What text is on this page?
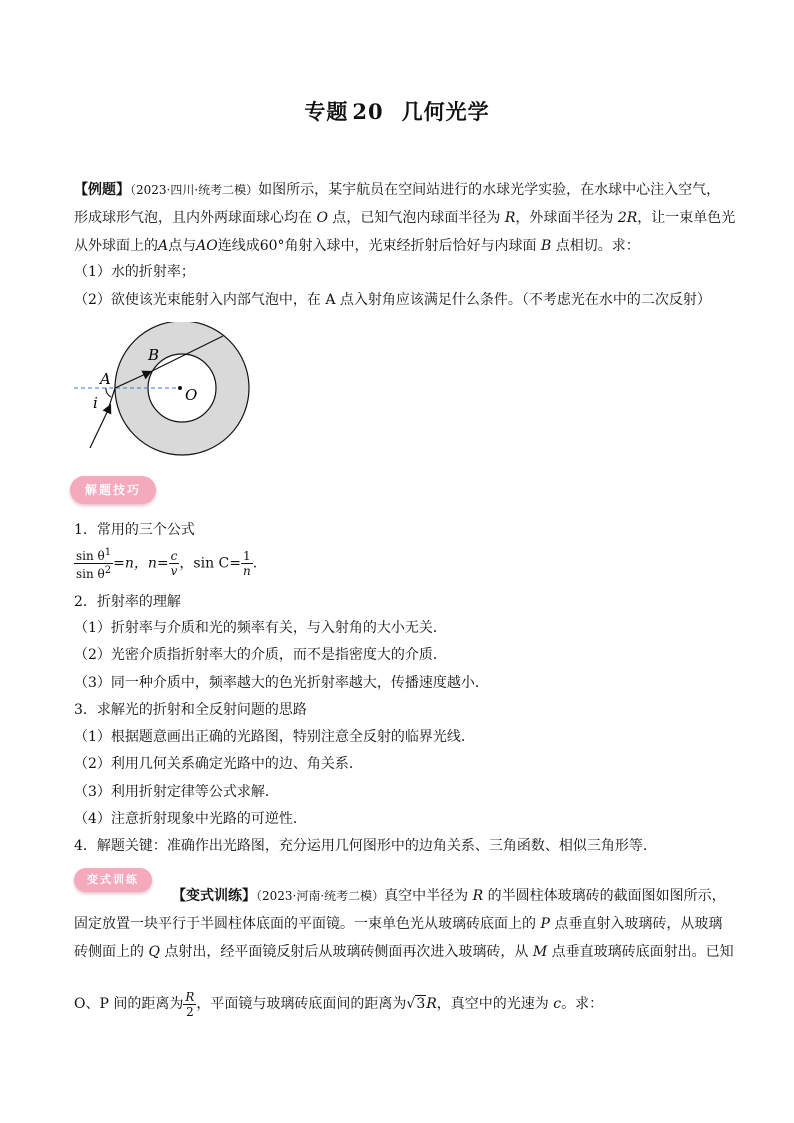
专题 20 几何光学
【例题】（2023·四川·统考二模）如图所示，某宇航员在空间站进行的水球光学实验，在水球中心注入空气，
形成球形气泡，且内外两球面球心均在 O 点，已知气泡内球面半径为 R，外球面半径为 2R，让一束单色光
从外球面上的A点与AO连线成60°角射入球中，光束经折射后恰好与内球面 B 点相切。求：
（1）水的折射率；
（2）欲使该光束能射入内部气泡中，在 A 点入射角应该满足什么条件。（不考虑光在水中的二次反射）
A
B
O
i
解题技巧
1．常用的三个公式
$\frac{\sin \theta^1}{\sin \theta^2} =n$，$n= \frac{c}{v}$ ，$\sin C= \frac{1}{n}$ .
2．折射率的理解
（1）折射率与介质和光的频率有关，与入射角的大小无关．
（2）光密介质指折射率大的介质，而不是指密度大的介质．
（3）同一种介质中，频率越大的色光折射率越大，传播速度越小．
3．求解光的折射和全反射问题的思路
（1）根据题意画出正确的光路图，特别注意全反射的临界光线．
（2）利用几何关系确定光路中的边、角关系．
（3）利用折射定律等公式求解．
（4）注意折射现象中光路的可逆性．
4．解题关键：准确作出光路图，充分运用几何图形中的边角关系、三角函数、相似三角形等.
变式训练
【变式训练】（2023·河南·统考二模）真空中半径为 R 的半圆柱体玻璃砖的截面图如图所示，
固定放置一块平行于半圆柱体底面的平面镜。一束单色光从玻璃砖底面上的 P 点垂直射入玻璃砖，从玻璃
砖侧面上的 Q 点射出，经平面镜反射后从玻璃砖侧面再次进入玻璃砖，从 M 点垂直玻璃砖底面射出。已知
O、P 间的距离为 $\frac{R}{2}$ ，平面镜与玻璃砖底面间的距离为√3R，真空中的光速为 c。求：
